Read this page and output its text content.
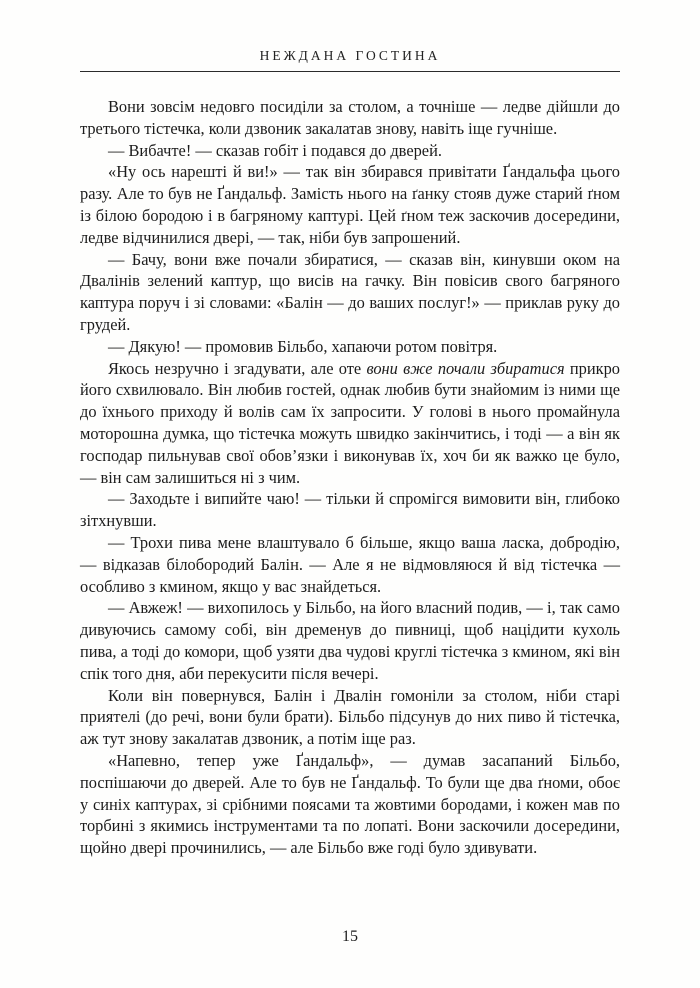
НЕЖДАНА ГОСТИНА

Вони зовсім недовго посиділи за столом, а точніше — ледве дійшли до третього тістечка, коли дзвоник закалатав знову, навіть іще гучніше.

— Вибачте! — сказав гобіт і подався до дверей.

«Ну ось нарешті й ви!» — так він збирався привітати Ґандальфа цього разу. Але то був не Ґандальф. Замість нього на ґанку стояв дуже старий ґном із білою бородою і в багряному каптурі. Цей ґном теж заскочив досередини, ледве відчинилися двері, — так, ніби був запрошений.

— Бачу, вони вже почали збиратися, — сказав він, кинувши оком на Двалінів зелений каптур, що висів на гачку. Він повісив свого багряного каптура поруч і зі словами: «Балін — до ваших послуг!» — приклав руку до грудей.

— Дякую! — промовив Більбо, хапаючи ротом повітря.

Якось незручно і згадувати, але оте вони вже почали збиратися прикро його схвилювало. Він любив гостей, однак любив бути знайомим із ними ще до їхнього приходу й волів сам їх запросити. У голові в нього промайнула моторошна думка, що тістечка можуть швидко закінчитись, і тоді — а він як господар пильнував свої обов’язки і виконував їх, хоч би як важко це було, — він сам залишиться ні з чим.

— Заходьте і випийте чаю! — тільки й спромігся вимовити він, глибоко зітхнувши.

— Трохи пива мене влаштувало б більше, якщо ваша ласка, добродію, — відказав білобородий Балін. — Але я не відмовляюся й від тістечка — особливо з кмином, якщо у вас знайдеться.

— Авжеж! — вихопилось у Більбо, на його власний подив, — і, так само дивуючись самому собі, він дременув до пивниці, щоб націдити кухоль пива, а тоді до комори, щоб узяти два чудові круглі тістечка з кмином, які він спік того дня, аби перекусити після вечері.

Коли він повернувся, Балін і Двалін гомоніли за столом, ніби старі приятелі (до речі, вони були брати). Більбо підсунув до них пиво й тістечка, аж тут знову закалатав дзвоник, а потім іще раз.

«Напевно, тепер уже Ґандальф», — думав засапаний Більбо, поспішаючи до дверей. Але то був не Ґандальф. То були ще два ґноми, обоє у синіх каптурах, зі срібними поясами та жовтими бородами, і кожен мав по торбині з якимись інструментами та по лопаті. Вони заскочили досередини, щойно двері прочинились, — але Більбо вже годі було здивувати.

15
